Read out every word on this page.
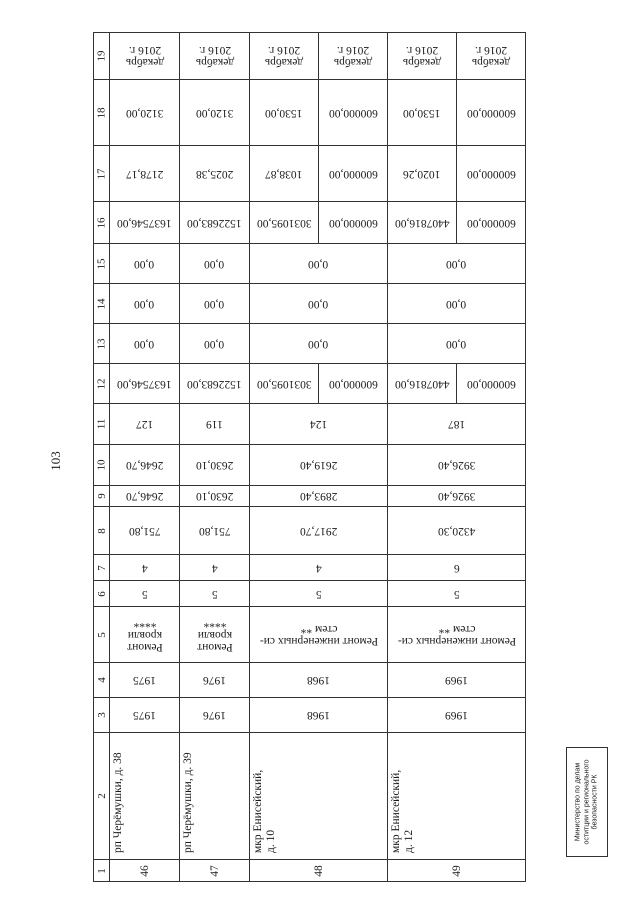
103
19	декабрь 2016 г.	декабрь 2016 г.	декабрь 2016 г.	декабрь 2016 г.	декабрь 2016 г.	декабрь 2016 г.
18	3120,00	3120,00	1530,00	600000,00	1530,00	600000,00
17	2178,17	2025,38	1038,87	600000,00	1020,26	600000,00
16	1637546,00	1522683,00	3031095,00	600000,00	4407816,00	600000,00
15	0,00	0,00	0,00		0,00	
14	0,00	0,00	0,00		0,00	
13	0,00	0,00	0,00		0,00	
12	1637546,00	1522683,00	3031095,00	600000,00	4407816,00	600000,00
11	127	119	124		187	
10	2646,70	2630,10	2619,40		3926,40	
9	2646,70	2630,10	2893,40		3926,40	
8	751,80	751,80	2917,70		4320,30	
7	4	4	4		6	
6	5	5	5		5	
5	Ремонт кровли ****	Ремонт кровли ****	Ремонт инженерных си- стем **		Ремонт инженерных си- стем **	
4	1975	1976	1968		1969	
3	1975	1976	1968		1969	
2	рп Черёмушки, д. 38	рп Черёмушки, д. 39	мкр Енисейский, д. 10		мкр Енисейский, д. 12	

1	46	47	48		49	
Министерство по делам оститции и регионального безопасности РК
